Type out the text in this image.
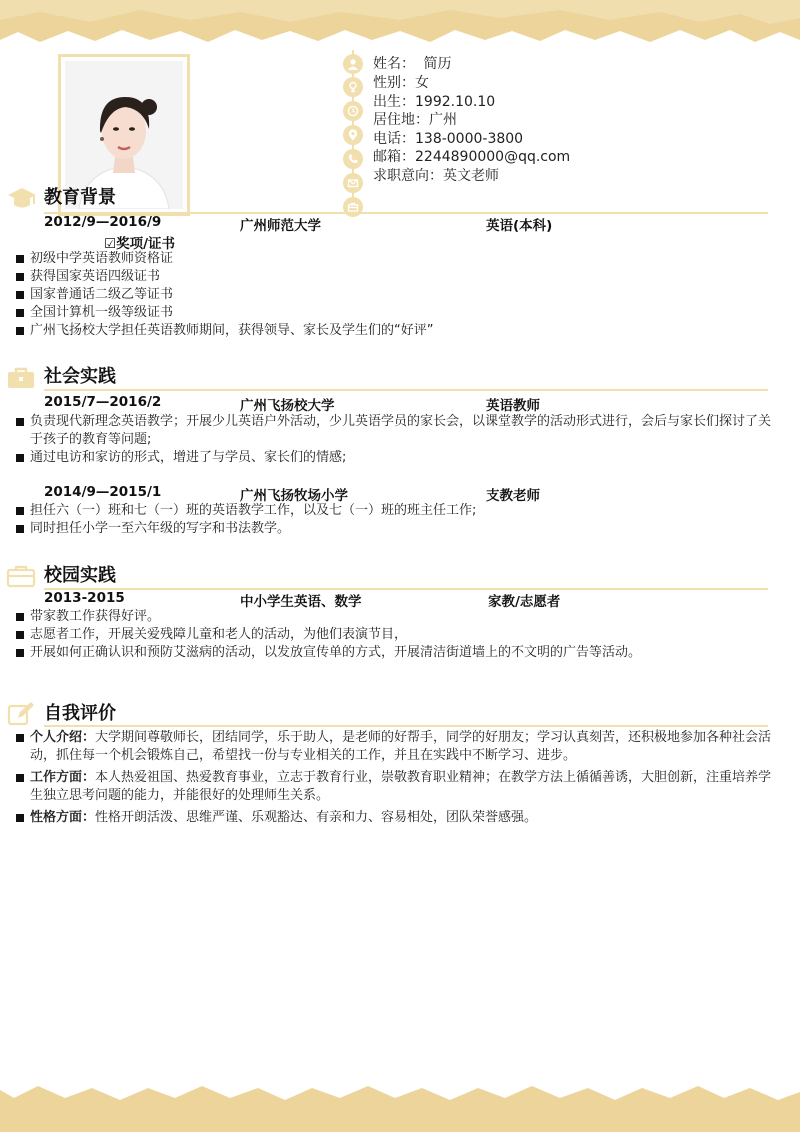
姓名： 简历
性别：女
出生：1992.10.10
居住地：广州
电话：138-0000-3800
邮箱：2244890000@qq.com
求职意向：英文老师
教育背景
2012/9—2016/9	广州师范大学	英语(本科)
☑奖项/证书
初级中学英语教师资格证
获得国家英语四级证书
国家普通话二级乙等证书
全国计算机一级等级证书
广州飞扬校大学担任英语教师期间，获得领导、家长及学生们的“好评”
社会实践
2015/7—2016/2	广州飞扬校大学	英语教师
负责现代新理念英语教学；开展少儿英语户外活动，少儿英语学员的家长会，以课堂教学的活动形式进行，会后与家长们探讨了关于孩子的教育等问题;
通过电访和家访的形式，增进了与学员、家长们的情感;
2014/9—2015/1	广州飞扬牧场小学	支教老师
担任六（一）班和七（一）班的英语教学工作，以及七（一）班的班主任工作;
同时担任小学一至六年级的写字和书法教学。
校园实践
2013-2015	中小学生英语、数学	家教/志愿者
带家教工作获得好评。
志愿者工作，开展关爱残障儿童和老人的活动，为他们表演节目，
开展如何正确认识和预防艾滋病的活动，以发放宣传单的方式，开展清洁街道墙上的不文明的广告等活动。
自我评价
个人介绍：大学期间尊敬师长，团结同学，乐于助人，是老师的好帮手，同学的好朋友；学习认真刻苦，还积极地参加各种社会活动，抓住每一个机会锻炼自己，希望找一份与专业相关的工作，并且在实践中不断学习、进步。
工作方面：本人热爱祖国、热爱教育事业，立志于教育行业，崇敬教育职业精神；在教学方法上循循善诱，大胆创新，注重培养学生独立思考问题的能力，并能很好的处理师生关系。
性格方面：性格开朗活泼、思维严谨、乐观豁达、有亲和力、容易相处，团队荣誉感强。
